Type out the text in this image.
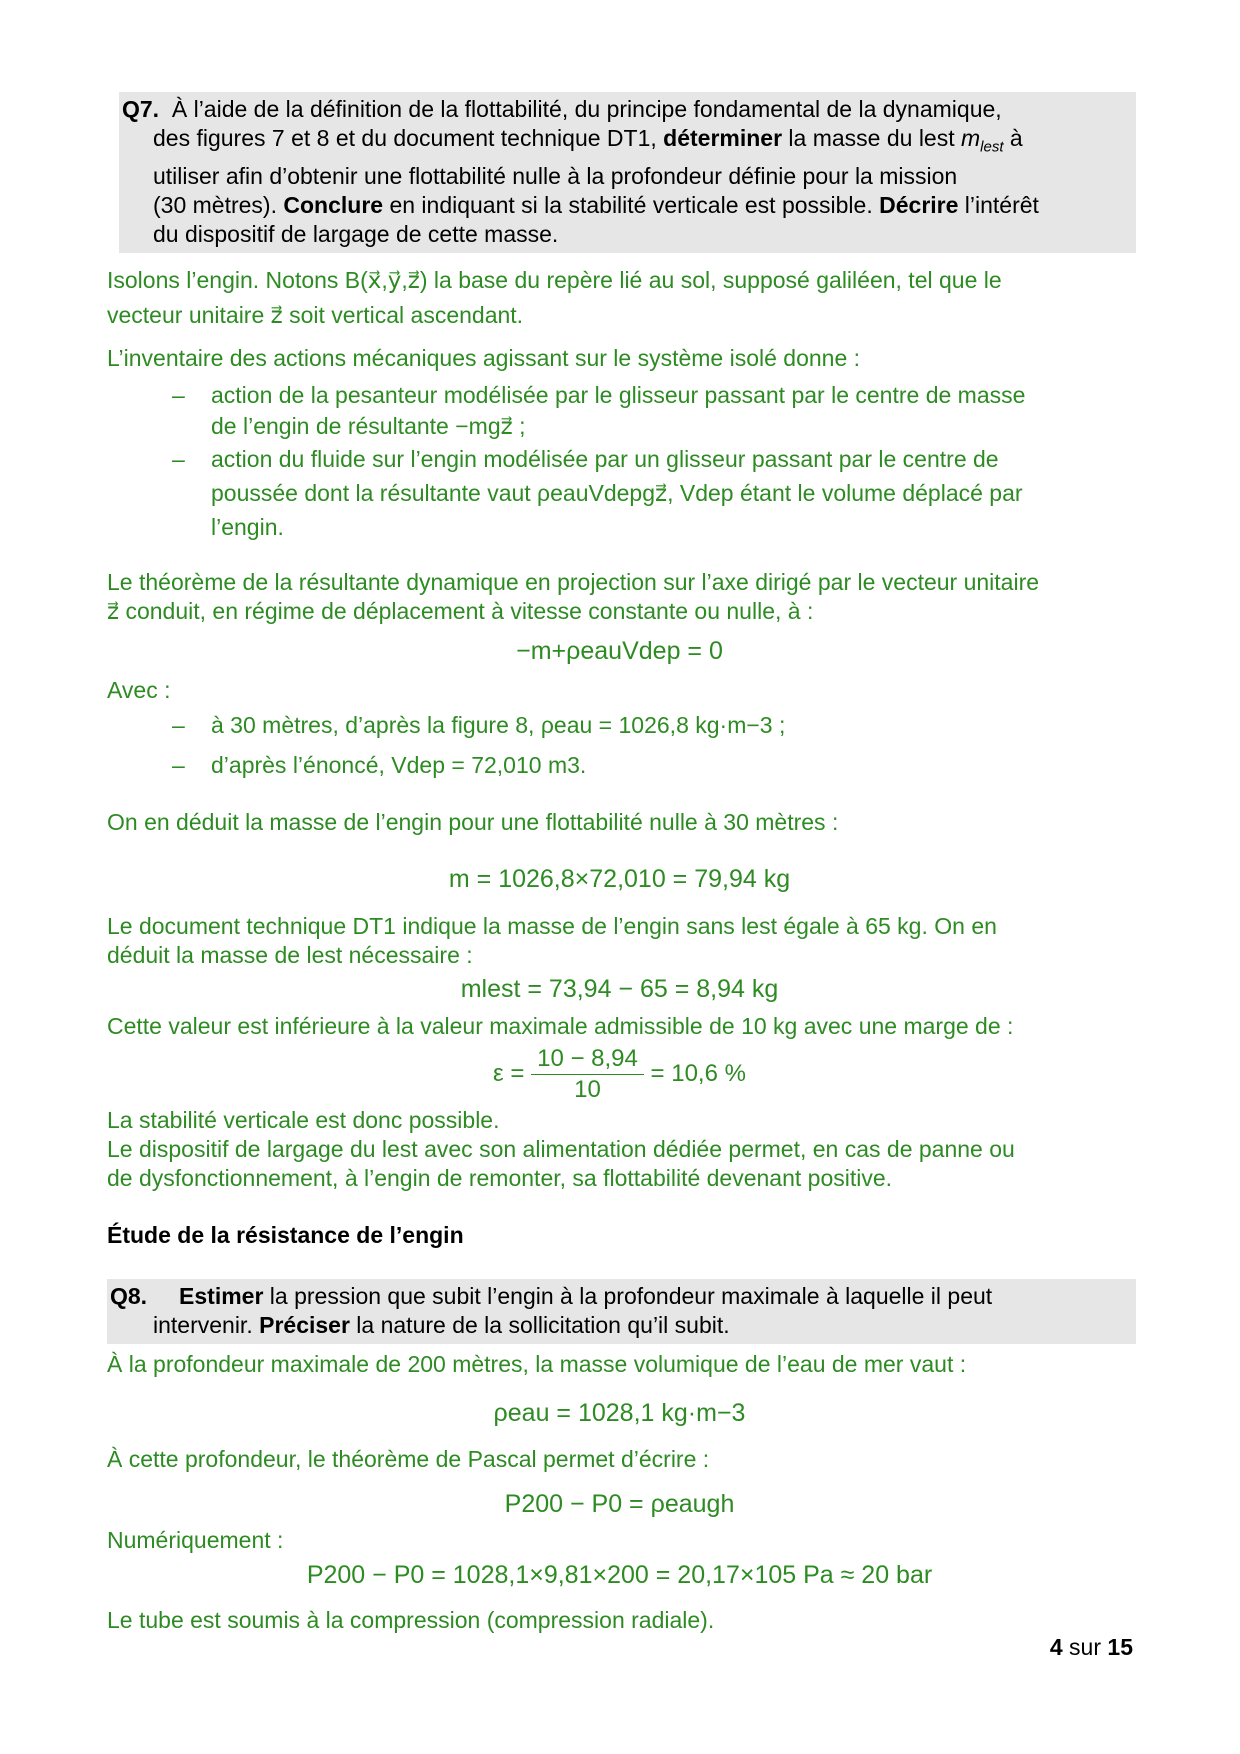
Q7. À l’aide de la définition de la flottabilité, du principe fondamental de la dynamique,
des figures 7 et 8 et du document technique DT1, déterminer la masse du lest $m_{lest}$ à
utiliser afin d’obtenir une flottabilité nulle à la profondeur définie pour la mission
(30 mètres). Conclure en indiquant si la stabilité verticale est possible. Décrire l’intérêt
du dispositif de largage de cette masse.
Isolons l’engin. Notons B(x⃗,y⃗,z⃗) la base du repère lié au sol, supposé galiléen, tel que le
vecteur unitaire z⃗ soit vertical ascendant.
L’inventaire des actions mécaniques agissant sur le système isolé donne :
– action de la pesanteur modélisée par le glisseur passant par le centre de masse
de l’engin de résultante −mgz⃗ ;
– action du fluide sur l’engin modélisée par un glisseur passant par le centre de
poussée dont la résultante vaut ρeauVdepgz⃗, Vdep étant le volume déplacé par
l’engin.
Le théorème de la résultante dynamique en projection sur l’axe dirigé par le vecteur unitaire
z⃗ conduit, en régime de déplacement à vitesse constante ou nulle, à :
−m+ρeauVdep = 0
Avec :
– à 30 mètres, d’après la figure 8, ρeau = 1026,8 kg·m−3 ;
– d’après l’énoncé, Vdep = 72,010 m3.
On en déduit la masse de l’engin pour une flottabilité nulle à 30 mètres :
m = 1026,8×72,010 = 79,94 kg
Le document technique DT1 indique la masse de l’engin sans lest égale à 65 kg. On en
déduit la masse de lest nécessaire :
mlest = 73,94 − 65 = 8,94 kg
Cette valeur est inférieure à la valeur maximale admissible de 10 kg avec une marge de :
$\varepsilon = \frac{10 - 8,94}{10} = 10,6$ %
La stabilité verticale est donc possible.
Le dispositif de largage du lest avec son alimentation dédiée permet, en cas de panne ou
de dysfonctionnement, à l’engin de remonter, sa flottabilité devenant positive.
Étude de la résistance de l’engin
Q8. Estimer la pression que subit l’engin à la profondeur maximale à laquelle il peut
intervenir. Préciser la nature de la sollicitation qu’il subit.
À la profondeur maximale de 200 mètres, la masse volumique de l’eau de mer vaut :
ρeau = 1028,1 kg·m−3
À cette profondeur, le théorème de Pascal permet d’écrire :
P200 − P0 = ρeaugh
Numériquement :
P200 − P0 = 1028,1×9,81×200 = 20,17×105 Pa ≈ 20 bar
Le tube est soumis à la compression (compression radiale).
4 sur 15
